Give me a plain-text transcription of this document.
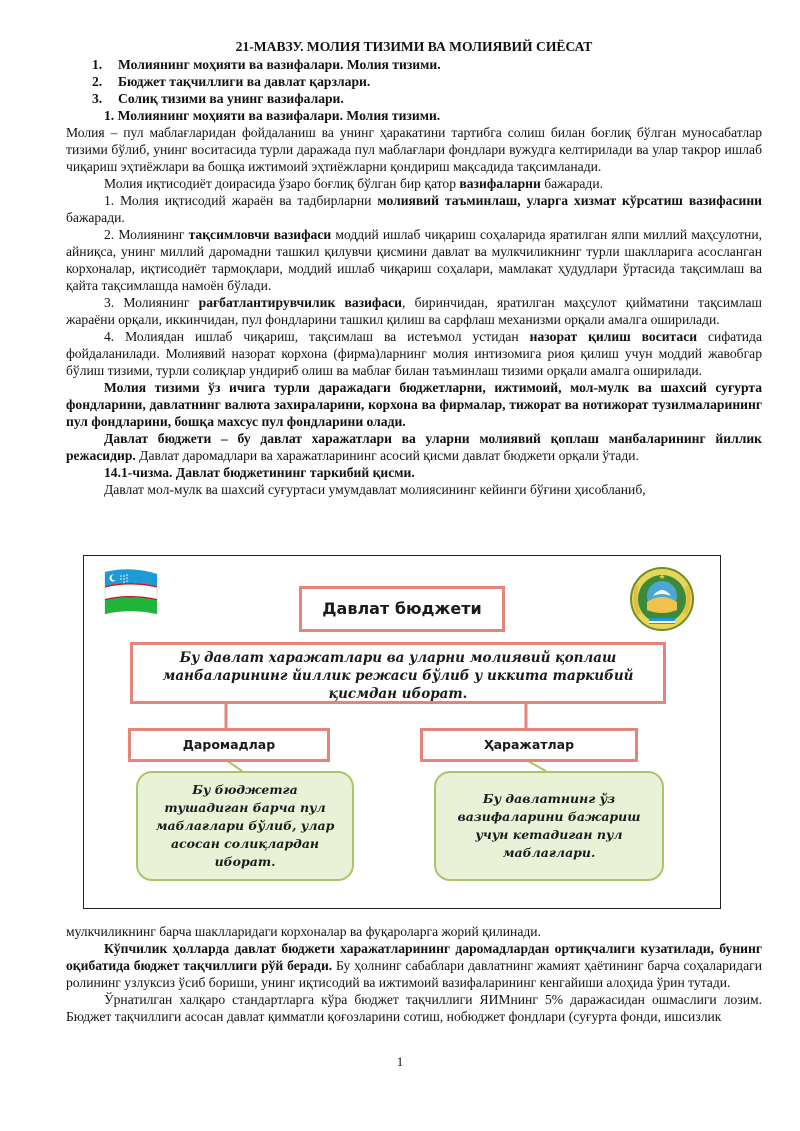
21-МАВЗУ. МОЛИЯ ТИЗИМИ ВА МОЛИЯВИЙ СИЁСАТ
1.	Молиянинг моҳияти ва вазифалари. Молия тизими.
2.	Бюджет тақчиллиги ва давлат қарзлари.
3.	Солиқ тизими ва унинг вазифалари.
1. Молиянинг моҳияти ва вазифалари. Молия тизими.

Молия – пул маблағларидан фойдаланиш ва унинг ҳаракатини тартибга солиш билан боғлиқ бўлган муносабатлар тизими бўлиб, унинг воситасида турли даражада пул маблағлари фондлари вужудга келтирилади ва улар такрор ишлаб чиқариш эҳтиёжлари ва бошқа ижтимоий эҳтиёжларни қондириш мақсадида тақсимланади.

Молия иқтисодиёт доирасида ўзаро боғлиқ бўлган бир қатор вазифаларни бажаради.

1. Молия иқтисодий жараён ва тадбирларни молиявий таъминлаш, уларга хизмат кўрсатиш вазифасини бажаради.

2. Молиянинг тақсимловчи вазифаси моддий ишлаб чиқариш соҳаларида яратилган ялпи миллий маҳсулотни, айниқса, унинг миллий даромадни ташкил қилувчи қисмини давлат ва мулкчиликнинг турли шаклларига асосланган корхоналар, иқтисодиёт тармоқлари, моддий ишлаб чиқариш соҳалари, мамлакат ҳудудлари ўртасида тақсимлаш ва қайта тақсимлашда намоён бўлади.

3. Молиянинг рағбатлантирувчилик вазифаси, биринчидан, яратилган маҳсулот қийматини тақсимлаш жараёни орқали, иккинчидан, пул фондларини ташкил қилиш ва сарфлаш механизми орқали амалга оширилади.

4. Молиядан ишлаб чиқариш, тақсимлаш ва истеъмол устидан назорат қилиш воситаси сифатида фойдаланилади. Молиявий назорат корхона (фирма)ларнинг молия интизомига риоя қилиш учун моддий жавобгар бўлиш тизими, турли солиқлар ундириб олиш ва маблағ билан таъминлаш тизими орқали амалга оширилади.

Молия тизими ўз ичига турли даражадаги бюджетларни, ижтимоий, мол-мулк ва шахсий суғурта фондларини, давлатнинг валюта захираларини, корхона ва фирмалар, тижорат ва нотижорат тузилмаларининг пул фондларини, бошқа махсус пул фондларини олади.

Давлат бюджети – бу давлат харажатлари ва уларни молиявий қоплаш манбаларининг йиллик режасидир. Давлат даромадлари ва харажатларининг асосий қисми давлат бюджети орқали ўтади.

14.1-чизма. Давлат бюджетининг таркибий қисми.

Давлат мол-мулк ва шахсий суғуртаси умумдавлат молиясининг кейинги бўғини ҳисобланиб,

Давлат бюджети
Бу давлат харажатлари ва уларни молиявий қоплаш манбаларининг йиллик режаси бўлиб у иккита таркибий қисмдан иборат.
Даромадлар	Ҳаражатлар
Бу бюджетга тушадиган барча пул маблағлари бўлиб, улар асосан солиқлардан иборат.
Бу давлатнинг ўз вазифаларини бажариш учун кетадиган пул маблағлари.

мулкчиликнинг барча шаклларидаги корхоналар ва фуқароларга жорий қилинади.

Кўпчилик ҳолларда давлат бюджети харажатларининг даромадлардан ортиқчалиги кузатилади, бунинг оқибатида бюджет тақчиллиги рўй беради. Бу ҳолнинг сабаблари давлатнинг жамият ҳаётининг барча соҳаларидаги ролининг узлуксиз ўсиб бориши, унинг иқтисодий ва ижтимоий вазифаларининг кенгайиши алоҳида ўрин тутади.

Ўрнатилган халқаро стандартларга кўра бюджет тақчиллиги ЯИМнинг 5% даражасидан ошмаслиги лозим. Бюджет тақчиллиги асосан давлат қимматли қоғозларини сотиш, нобюджет фондлари (суғурта фонди, ишсизлик

1
